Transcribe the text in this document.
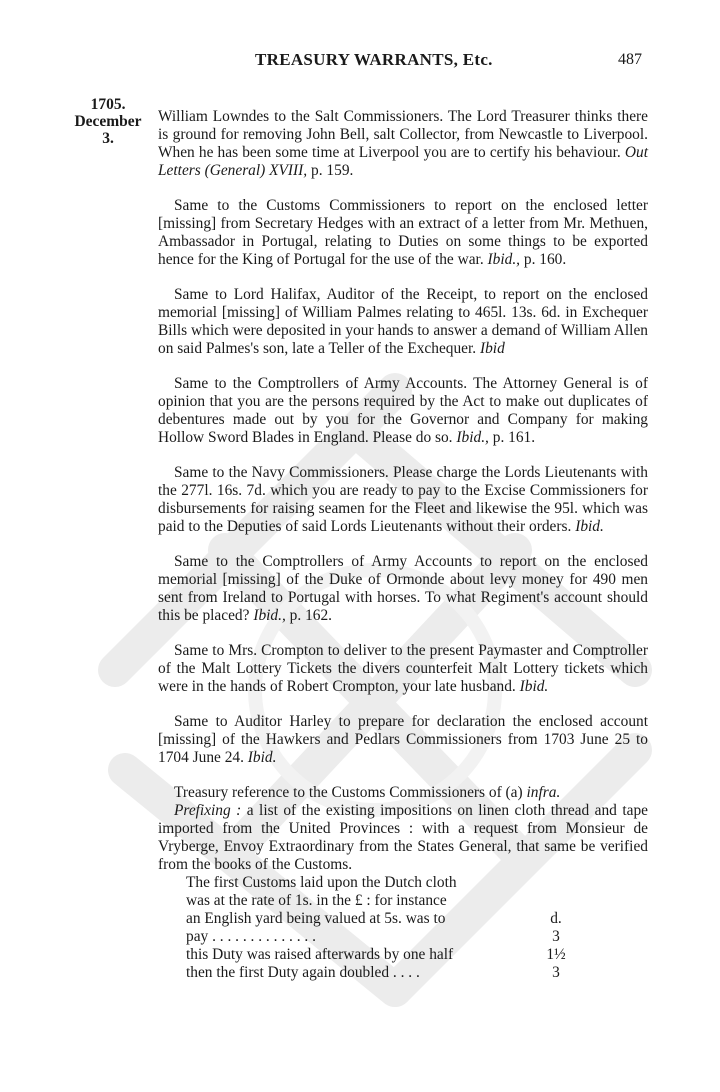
TREASURY WARRANTS, Etc.	487
1705.
December
3.

William Lowndes to the Salt Commissioners. The Lord Treasurer thinks there is ground for removing John Bell, salt Collector, from Newcastle to Liverpool. When he has been some time at Liverpool you are to certify his behaviour. Out Letters (General) XVIII, p. 159.

Same to the Customs Commissioners to report on the enclosed letter [missing] from Secretary Hedges with an extract of a letter from Mr. Methuen, Ambassador in Portugal, relating to Duties on some things to be exported hence for the King of Portugal for the use of the war. Ibid., p. 160.

Same to Lord Halifax, Auditor of the Receipt, to report on the enclosed memorial [missing] of William Palmes relating to 465l. 13s. 6d. in Exchequer Bills which were deposited in your hands to answer a demand of William Allen on said Palmes's son, late a Teller of the Exchequer. Ibid

Same to the Comptrollers of Army Accounts. The Attorney General is of opinion that you are the persons required by the Act to make out duplicates of debentures made out by you for the Governor and Company for making Hollow Sword Blades in England. Please do so. Ibid., p. 161.

Same to the Navy Commissioners. Please charge the Lords Lieutenants with the 277l. 16s. 7d. which you are ready to pay to the Excise Commissioners for disbursements for raising seamen for the Fleet and likewise the 95l. which was paid to the Deputies of said Lords Lieutenants without their orders. Ibid.

Same to the Comptrollers of Army Accounts to report on the enclosed memorial [missing] of the Duke of Ormonde about levy money for 490 men sent from Ireland to Portugal with horses. To what Regiment's account should this be placed? Ibid., p. 162.

Same to Mrs. Crompton to deliver to the present Paymaster and Comptroller of the Malt Lottery Tickets the divers counterfeit Malt Lottery tickets which were in the hands of Robert Crompton, your late husband. Ibid.

Same to Auditor Harley to prepare for declaration the enclosed account [missing] of the Hawkers and Pedlars Commissioners from 1703 June 25 to 1704 June 24. Ibid.

Treasury reference to the Customs Commissioners of (a) infra.

Prefixing : a list of the existing impositions on linen cloth thread and tape imported from the United Provinces : with a request from Monsieur de Vryberge, Envoy Extraordinary from the States General, that same be verified from the books of the Customs.

The first Customs laid upon the Dutch cloth	
was at the rate of 1s. in the £ : for instance	
an English yard being valued at 5s. was to	d.
pay . . . . . . . . . . . . . .	3
this Duty was raised afterwards by one half	1½
then the first Duty again doubled . . . .	3
